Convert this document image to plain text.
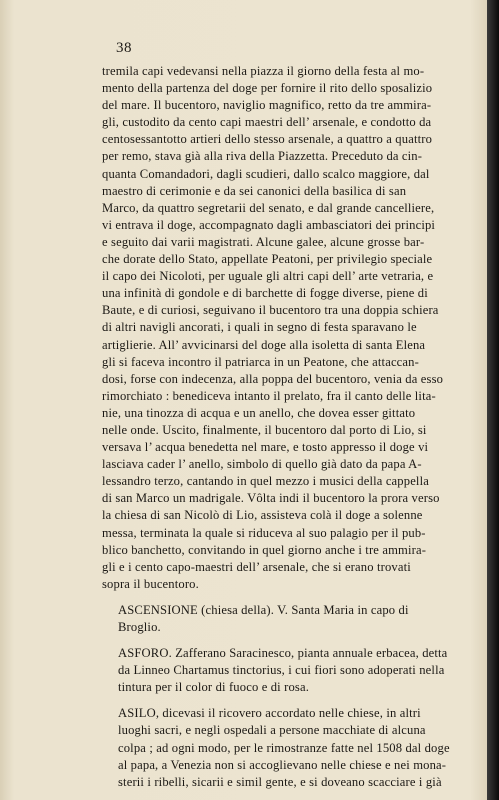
38

tremila capi vedevansi nella piazza il giorno della festa al mo-
mento della partenza del doge per fornire il rito dello sposalizio
del mare. Il bucentoro, naviglio magnifico, retto da tre ammira-
gli, custodito da cento capi maestri dell’ arsenale, e condotto da
centosessantotto artieri dello stesso arsenale, a quattro a quattro
per remo, stava già alla riva della Piazzetta. Preceduto da cin-
quanta Comandadori, dagli scudieri, dallo scalco maggiore, dal
maestro di cerimonie e da sei canonici della basilica di san
Marco, da quattro segretarii del senato, e dal grande cancelliere,
vi entrava il doge, accompagnato dagli ambasciatori dei principi
e seguito dai varii magistrati. Alcune galee, alcune grosse bar-
che dorate dello Stato, appellate Peatoni, per privilegio speciale
il capo dei Nicoloti, per uguale gli altri capi dell’ arte vetraria, e
una infinità di gondole e di barchette di fogge diverse, piene di
Baute, e di curiosi, seguivano il bucentoro tra una doppia schiera
di altri navigli ancorati, i quali in segno di festa sparavano le
artiglierie. All’ avvicinarsi del doge alla isoletta di santa Elena
gli si faceva incontro il patriarca in un Peatone, che attaccan-
dosi, forse con indecenza, alla poppa del bucentoro, venia da esso
rimorchiato : benediceva intanto il prelato, fra il canto delle lita-
nie, una tinozza di acqua e un anello, che dovea esser gittato
nelle onde. Uscito, finalmente, il bucentoro dal porto di Lio, si
versava l’ acqua benedetta nel mare, e tosto appresso il doge vi
lasciava cader l’ anello, simbolo di quello già dato da papa A-
lessandro terzo, cantando in quel mezzo i musici della cappella
di san Marco un madrigale. Vôlta indi il bucentoro la prora verso
la chiesa di san Nicolò di Lio, assisteva colà il doge a solenne
messa, terminata la quale si riduceva al suo palagio per il pub-
blico banchetto, convitando in quel giorno anche i tre ammira-
gli e i cento capo-maestri dell’ arsenale, che si erano trovati
sopra il bucentoro.

ASCENSIONE (chiesa della). V. Santa Maria in capo di
Broglio.

ASFORO. Zafferano Saracinesco, pianta annuale erbacea, detta
da Linneo Chartamus tinctorius, i cui fiori sono adoperati nella
tintura per il color di fuoco e di rosa.

ASILO, dicevasi il ricovero accordato nelle chiese, in altri
luoghi sacri, e negli ospedali a persone macchiate di alcuna
colpa ; ad ogni modo, per le rimostranze fatte nel 1508 dal doge
al papa, a Venezia non si accoglievano nelle chiese e nei mona-
sterii i ribelli, sicarii e simil gente, e si doveano scacciare i già
